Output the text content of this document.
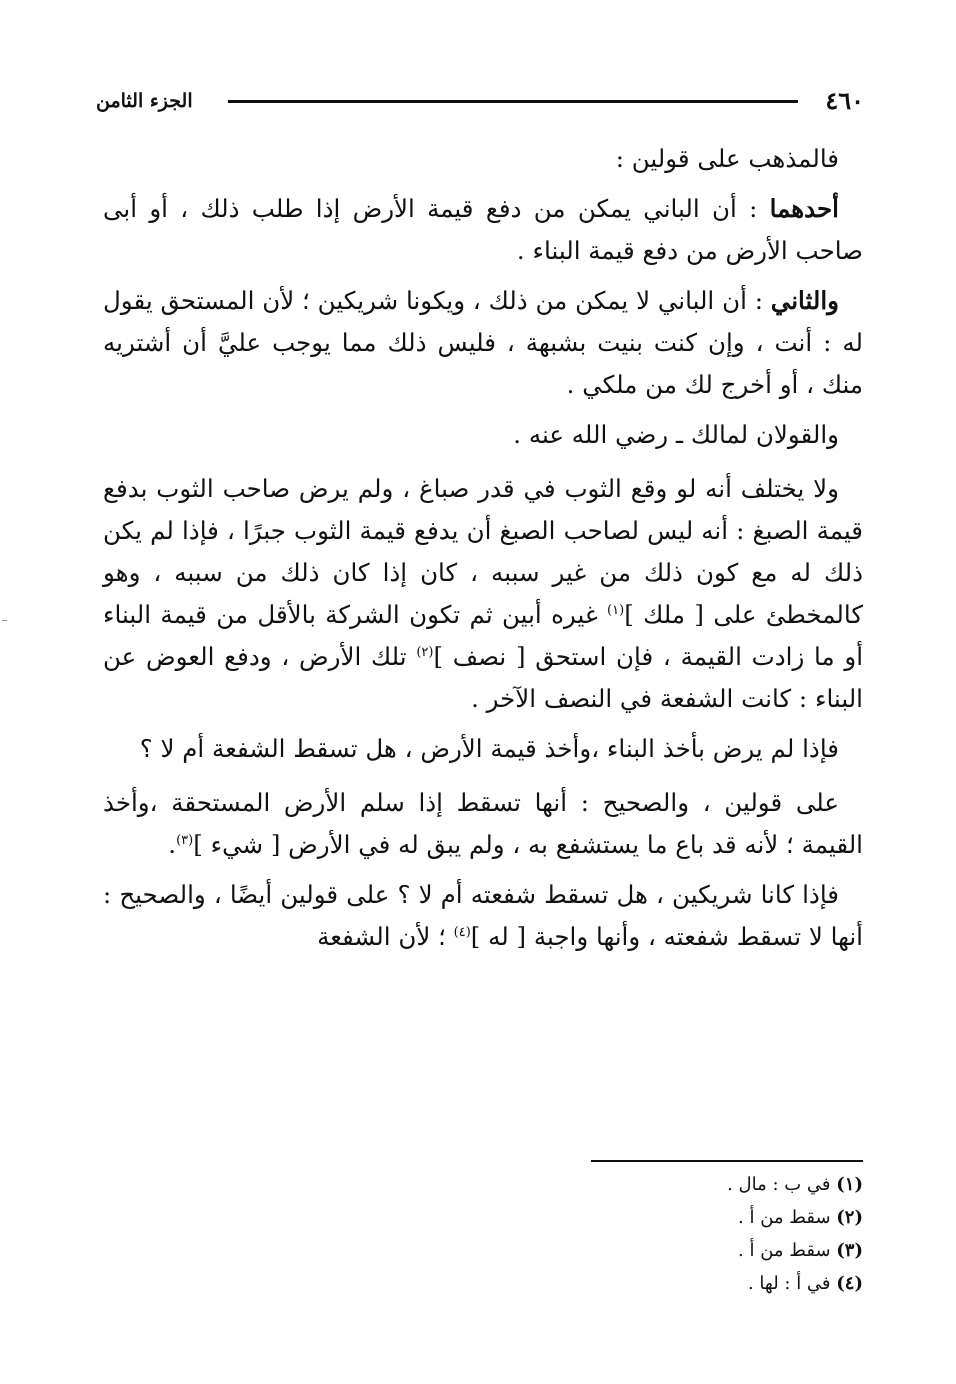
٤٦٠
الجزء الثامن

فالمذهب على قولين :

أحدهما : أن الباني يمكن من دفع قيمة الأرض إذا طلب ذلك ، أو أبى صاحب الأرض من دفع قيمة البناء .

والثاني : أن الباني لا يمكن من ذلك ، ويكونا شريكين ؛ لأن المستحق يقول له : أنت ، وإن كنت بنيت بشبهة ، فليس ذلك مما يوجب عليَّ أن أشتريه منك ، أو أخرج لك من ملكي .

والقولان لمالك ـ رضي الله عنه .

ولا يختلف أنه لو وقع الثوب في قدر صباغ ، ولم يرض صاحب الثوب بدفع قيمة الصبغ : أنه ليس لصاحب الصبغ أن يدفع قيمة الثوب جبرًا ، فإذا لم يكن ذلك له مع كون ذلك من غير سببه ، كان إذا كان ذلك من سببه ، وهو كالمخطئ على [ ملك ]$^{(١)}$ غيره أبين ثم تكون الشركة بالأقل من قيمة البناء أو ما زادت القيمة ، فإن استحق [ نصف ]$^{(٢)}$ تلك الأرض ، ودفع العوض عن البناء : كانت الشفعة في النصف الآخر .

فإذا لم يرض بأخذ البناء ،وأخذ قيمة الأرض ، هل تسقط الشفعة أم لا ؟

على قولين ، والصحيح : أنها تسقط إذا سلم الأرض المستحقة ،وأخذ القيمة ؛ لأنه قد باع ما يستشفع به ، ولم يبق له في الأرض [ شيء ]$^{(٣)}$.

فإذا كانا شريكين ، هل تسقط شفعته أم لا ؟ على قولين أيضًا ، والصحيح : أنها لا تسقط شفعته ، وأنها واجبة [ له ]$^{(٤)}$ ؛ لأن الشفعة

(١) في ب : مال .
(٢) سقط من أ .
(٣) سقط من أ .
(٤) في أ : لها .
